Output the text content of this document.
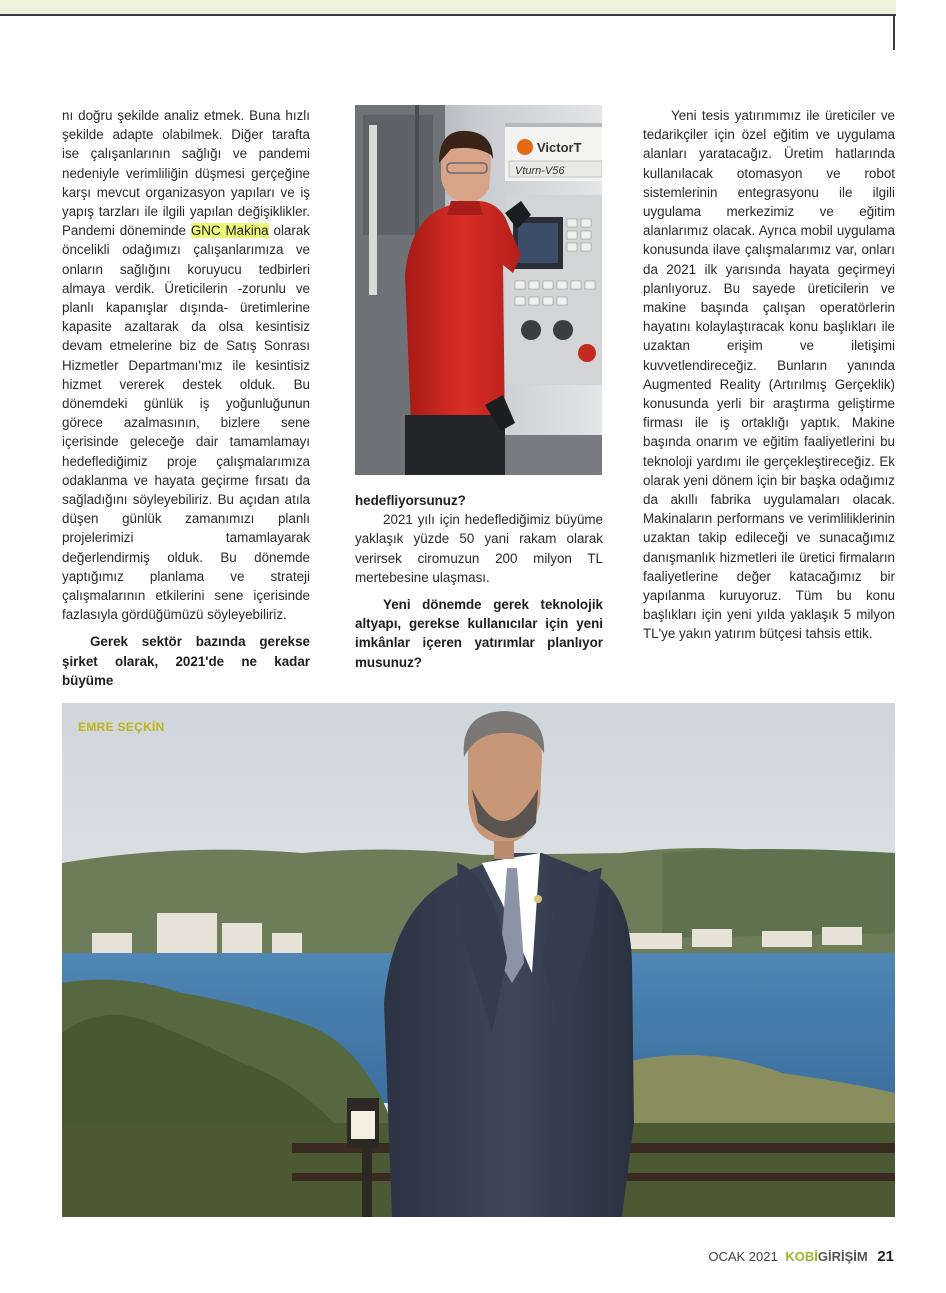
nı doğru şekilde analiz etmek. Buna hızlı şekilde adapte olabilmek. Diğer tarafta ise çalışanlarının sağlığı ve pandemi nedeniyle verimliliğin düşmesi gerçeğine karşı mevcut organizasyon yapıları ve iş yapış tarzları ile ilgili yapılan değişiklikler. Pandemi döneminde GNC Makina olarak öncelikli odağımızı çalışanlarımıza ve onların sağlığını koruyucu tedbirleri almaya verdik. Üreticilerin -zorunlu ve planlı kapanışlar dışında- üretimlerine kapasite azaltarak da olsa kesintisiz devam etmelerine biz de Satış Sonrası Hizmetler Departmanı'mız ile kesintisiz hizmet vererek destek olduk. Bu dönemdeki günlük iş yoğunluğunun görece azalmasının, bizlere sene içerisinde geleceğe dair tamamlamayı hedeflediğimiz proje çalışmalarımıza odaklanma ve hayata geçirme fırsatı da sağladığını söyleyebiliriz. Bu açıdan atıla düşen günlük zamanımızı planlı projelerimizi tamamlayarak değerlendirmiş olduk. Bu dönemde yaptığımız planlama ve strateji çalışmalarının etkilerini sene içerisinde fazlasıyla gördüğümüzü söyleyebiliriz.

Gerek sektör bazında gerekse şirket olarak, 2021'de ne kadar büyüme

VictorT
Vturn-V56

hedefliyorsunuz?

2021 yılı için hedeflediğimiz büyüme yaklaşık yüzde 50 yani rakam olarak verirsek ciromuzun 200 milyon TL mertebesine ulaşması.

Yeni dönemde gerek teknolojik altyapı, gerekse kullanıcılar için yeni imkânlar içeren yatırımlar planlıyor musunuz?

Yeni tesis yatırımımız ile üreticiler ve tedarikçiler için özel eğitim ve uygulama alanları yaratacağız. Üretim hatlarında kullanılacak otomasyon ve robot sistemlerinin entegrasyonu ile ilgili uygulama merkezimiz ve eğitim alanlarımız olacak. Ayrıca mobil uygulama konusunda ilave çalışmalarımız var, onları da 2021 ilk yarısında hayata geçirmeyi planlıyoruz. Bu sayede üreticilerin ve makine başında çalışan operatörlerin hayatını kolaylaştıracak konu başlıkları ile uzaktan erişim ve iletişimi kuvvetlendireceğiz. Bunların yanında Augmented Reality (Artırılmış Gerçeklik) konusunda yerli bir araştırma geliştirme firması ile iş ortaklığı yaptık. Makine başında onarım ve eğitim faaliyetlerini bu teknoloji yardımı ile gerçekleştireceğiz. Ek olarak yeni dönem için bir başka odağımız da akıllı fabrika uygulamaları olacak. Makinaların performans ve verimliliklerinin uzaktan takip edileceği ve sunacağımız danışmanlık hizmetleri ile üretici firmaların faaliyetlerine değer katacağımız bir yapılanma kuruyoruz. Tüm bu konu başlıkları için yeni yılda yaklaşık 5 milyon TL'ye yakın yatırım bütçesi tahsis ettik.

EMRE SEÇKİN
OCAK 2021 KOBİGİRİŞİM 21
